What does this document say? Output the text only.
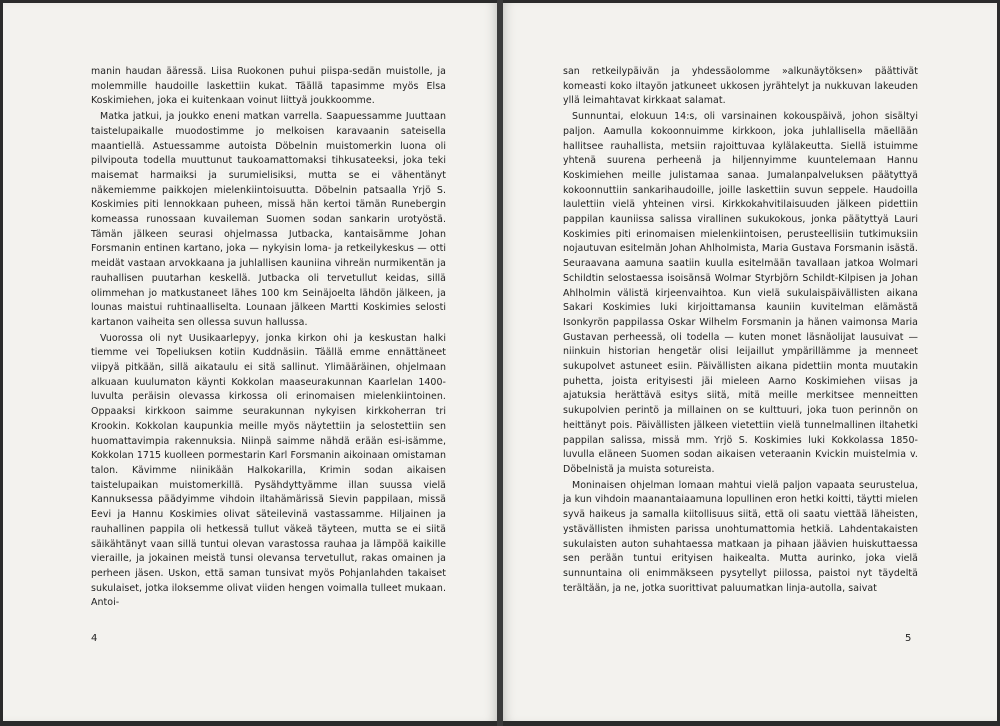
manin haudan ääressä. Liisa Ruokonen puhui piispa-sedän muistolle, ja molemmille haudoille laskettiin kukat. Täällä tapasimme myös Elsa Koskimiehen, joka ei kuitenkaan voinut liittyä joukkoomme.

Matka jatkui, ja joukko eneni matkan varrella. Saapuessamme Juuttaan taistelupaikalle muodostimme jo melkoisen karavaanin sateisella maantiellä. Astuessamme autoista Döbelnin muistomerkin luona oli pilvipouta todella muuttunut taukoamattomaksi tihkusateeksi, joka teki maisemat harmaiksi ja surumielisiksi, mutta se ei vähentänyt näkemiemme paikkojen mielenkiintoisuutta. Döbelnin patsaalla Yrjö S. Koskimies piti lennokkaan puheen, missä hän kertoi tämän Runebergin komeassa runossaan kuvaileman Suomen sodan sankarin urotyöstä. Tämän jälkeen seurasi ohjelmassa Jutbacka, kantaisämme Johan Forsmanin entinen kartano, joka — nykyisin loma- ja retkeilykeskus — otti meidät vastaan arvokkaana ja juhlallisen kauniina vihreän nurmikentän ja rauhallisen puutarhan keskellä. Jutbacka oli tervetullut keidas, sillä olimmehan jo matkustaneet lähes 100 km Seinäjoelta lähdön jälkeen, ja lounas maistui ruhtinaalliselta. Lounaan jälkeen Martti Koskimies selosti kartanon vaiheita sen ollessa suvun hallussa.

Vuorossa oli nyt Uusikaarlepyy, jonka kirkon ohi ja keskustan halki tiemme vei Topeliuksen kotiin Kuddnäsiin. Täällä emme ennättäneet viipyä pitkään, sillä aikataulu ei sitä sallinut. Ylimääräinen, ohjelmaan alkuaan kuulumaton käynti Kokkolan maaseurakunnan Kaarlelan 1400-luvulta peräisin olevassa kirkossa oli erinomaisen mielenkiintoinen. Oppaaksi kirkkoon saimme seurakunnan nykyisen kirkkoherran tri Krookin. Kokkolan kaupunkia meille myös näytettiin ja selostettiin sen huomattavimpia rakennuksia. Niinpä saimme nähdä erään esi-isämme, Kokkolan 1715 kuolleen pormestarin Karl Forsmanin aikoinaan omistaman talon. Kävimme niinikään Halkokarilla, Krimin sodan aikaisen taistelupaikan muistomerkillä. Pysähdyttyämme illan suussa vielä Kannuksessa päädyimme vihdoin iltahämärissä Sievin pappilaan, missä Eevi ja Hannu Koskimies olivat säteilevinä vastassamme. Hiljainen ja rauhallinen pappila oli hetkessä tullut väkeä täyteen, mutta se ei siitä säikähtänyt vaan sillä tuntui olevan varastossa rauhaa ja lämpöä kaikille vieraille, ja jokainen meistä tunsi olevansa tervetullut, rakas omainen ja perheen jäsen. Uskon, että saman tunsivat myös Pohjanlahden takaiset sukulaiset, jotka iloksemme olivat viiden hengen voimalla tulleet mukaan. Antoi-

4

san retkeilypäivän ja yhdessäolomme »alkunäytöksen» päättivät komeasti koko iltayön jatkuneet ukkosen jyrähtelyt ja nukkuvan lakeuden yllä leimahtavat kirkkaat salamat.

Sunnuntai, elokuun 14:s, oli varsinainen kokouspäivä, johon sisältyi paljon. Aamulla kokoonnuimme kirkkoon, joka juhlallisella mäellään hallitsee rauhallista, metsiin rajoittuvaa kylälakeutta. Siellä istuimme yhtenä suurena perheenä ja hiljennyimme kuuntelemaan Hannu Koskimiehen meille julistamaa sanaa. Jumalanpalveluksen päätyttyä kokoonnuttiin sankarihaudoille, joille laskettiin suvun seppele. Haudoilla laulettiin vielä yhteinen virsi. Kirkkokahvitilaisuuden jälkeen pidettiin pappilan kauniissa salissa virallinen sukukokous, jonka päätyttyä Lauri Koskimies piti erinomaisen mielenkiintoisen, perusteellisiin tutkimuksiin nojautuvan esitelmän Johan Ahlholmista, Maria Gustava Forsmanin isästä. Seuraavana aamuna saatiin kuulla esitelmään tavallaan jatkoa Wolmari Schildtin selostaessa isoisänsä Wolmar Styrbjörn Schildt-Kilpisen ja Johan Ahlholmin välistä kirjeenvaihtoa. Kun vielä sukulaispäivällisten aikana Sakari Koskimies luki kirjoittamansa kauniin kuvitelman elämästä Isonkyrön pappilassa Oskar Wilhelm Forsmanin ja hänen vaimonsa Maria Gustavan perheessä, oli todella — kuten monet läsnäolijat lausuivat — niinkuin historian hengetär olisi leijaillut ympärillämme ja menneet sukupolvet astuneet esiin. Päivällisten aikana pidettiin monta muutakin puhetta, joista erityisesti jäi mieleen Aarno Koskimiehen viisas ja ajatuksia herättävä esitys siitä, mitä meille merkitsee menneitten sukupolvien perintö ja millainen on se kulttuuri, joka tuon perinnön on heittänyt pois. Päivällisten jälkeen vietettiin vielä tunnelmallinen iltahetki pappilan salissa, missä mm. Yrjö S. Koskimies luki Kokkolassa 1850-luvulla eläneen Suomen sodan aikaisen veteraanin Kvickin muistelmia v. Döbelnistä ja muista sotureista.

Moninaisen ohjelman lomaan mahtui vielä paljon vapaata seurustelua, ja kun vihdoin maanantaiaamuna lopullinen eron hetki koitti, täytti mielen syvä haikeus ja samalla kiitollisuus siitä, että oli saatu viettää läheisten, ystävällisten ihmisten parissa unohtumattomia hetkiä. Lahdentakaisten sukulaisten auton suhahtaessa matkaan ja pihaan jäävien huiskuttaessa sen perään tuntui erityisen haikealta. Mutta aurinko, joka vielä sunnuntaina oli enimmäkseen pysytellyt piilossa, paistoi nyt täydeltä terältään, ja ne, jotka suorittivat paluumatkan linja-autolla, saivat

5
